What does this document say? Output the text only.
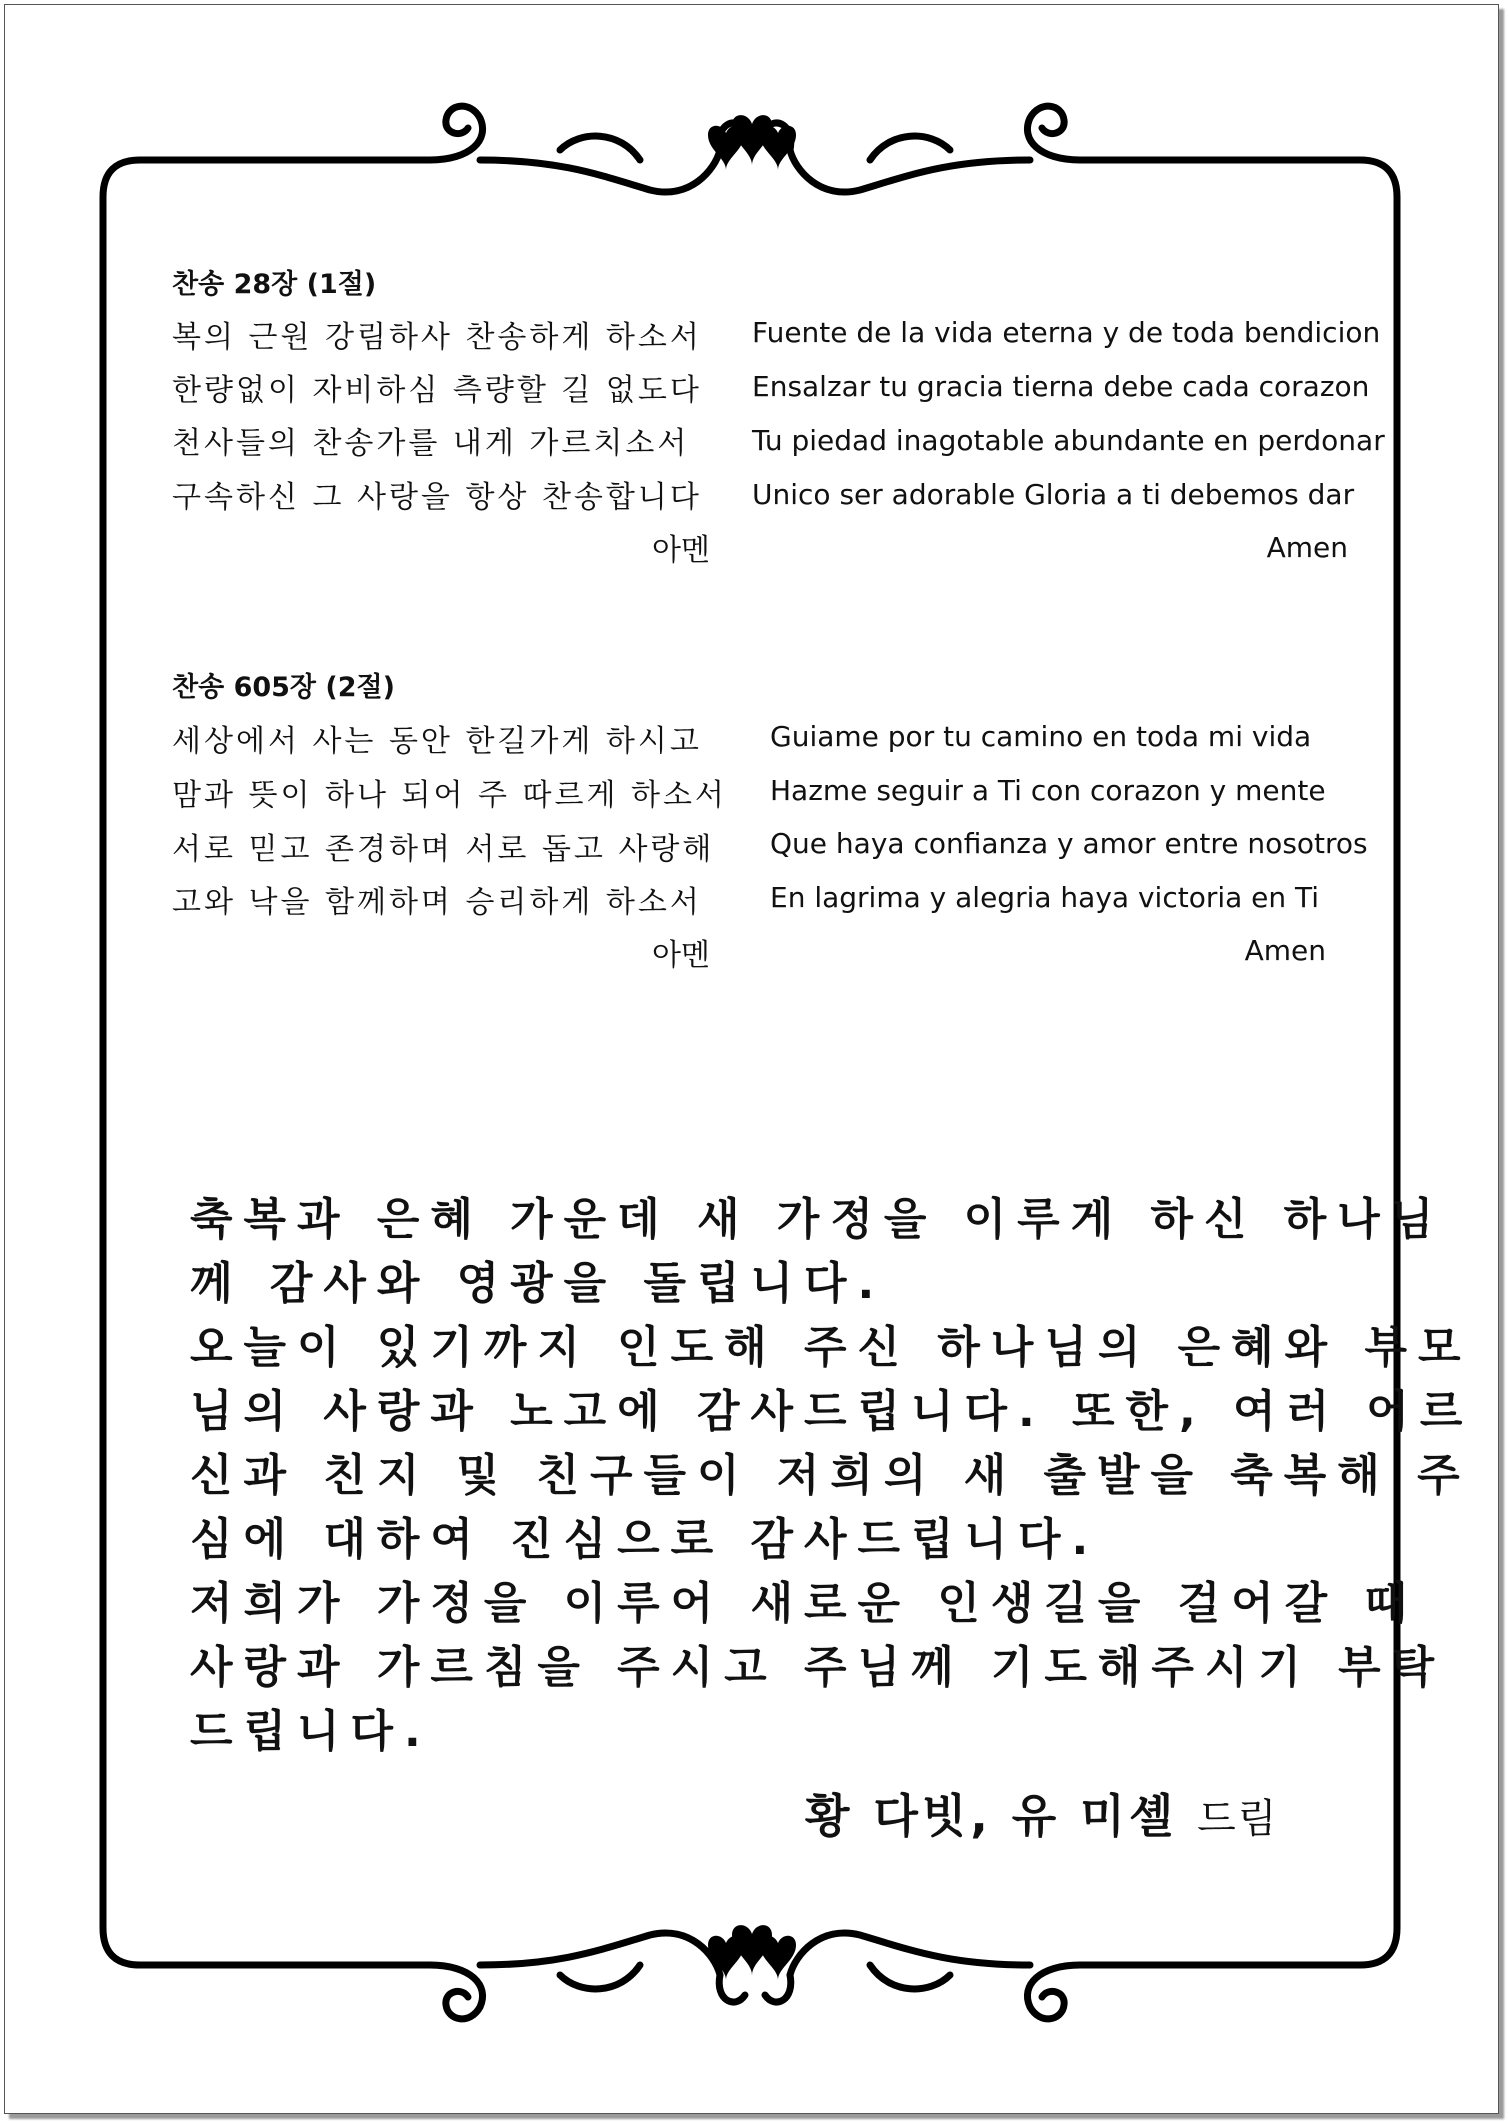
찬송 28장 (1절)
복의 근원 강림하사 찬송하게 하소서
한량없이 자비하심 측량할 길 없도다
천사들의 찬송가를 내게 가르치소서
구속하신 그 사랑을 항상 찬송합니다
아멘
Fuente de la vida eterna y de toda bendicion
Ensalzar tu gracia tierna debe cada corazon
Tu piedad inagotable abundante en perdonar
Unico ser adorable Gloria a ti debemos dar
Amen
찬송 605장 (2절)
세상에서 사는 동안 한길가게 하시고
맘과 뜻이 하나 되어 주 따르게 하소서
서로 믿고 존경하며 서로 돕고 사랑해
고와 낙을 함께하며 승리하게 하소서
아멘
Guiame por tu camino en toda mi vida
Hazme seguir a Ti con corazon y mente
Que haya confianza y amor entre nosotros
En lagrima y alegria haya victoria en Ti
Amen
축복과 은혜 가운데 새 가정을 이루게 하신 하나님
께 감사와 영광을 돌립니다.
오늘이 있기까지 인도해 주신 하나님의 은혜와 부모
님의 사랑과 노고에 감사드립니다. 또한, 여러 어르
신과 친지 및 친구들이 저희의 새 출발을 축복해 주
심에 대하여 진심으로 감사드립니다.
저희가 가정을 이루어 새로운 인생길을 걸어갈 때
사랑과 가르침을 주시고 주님께 기도해주시기 부탁
드립니다.
황 다빗, 유 미셸 드림
